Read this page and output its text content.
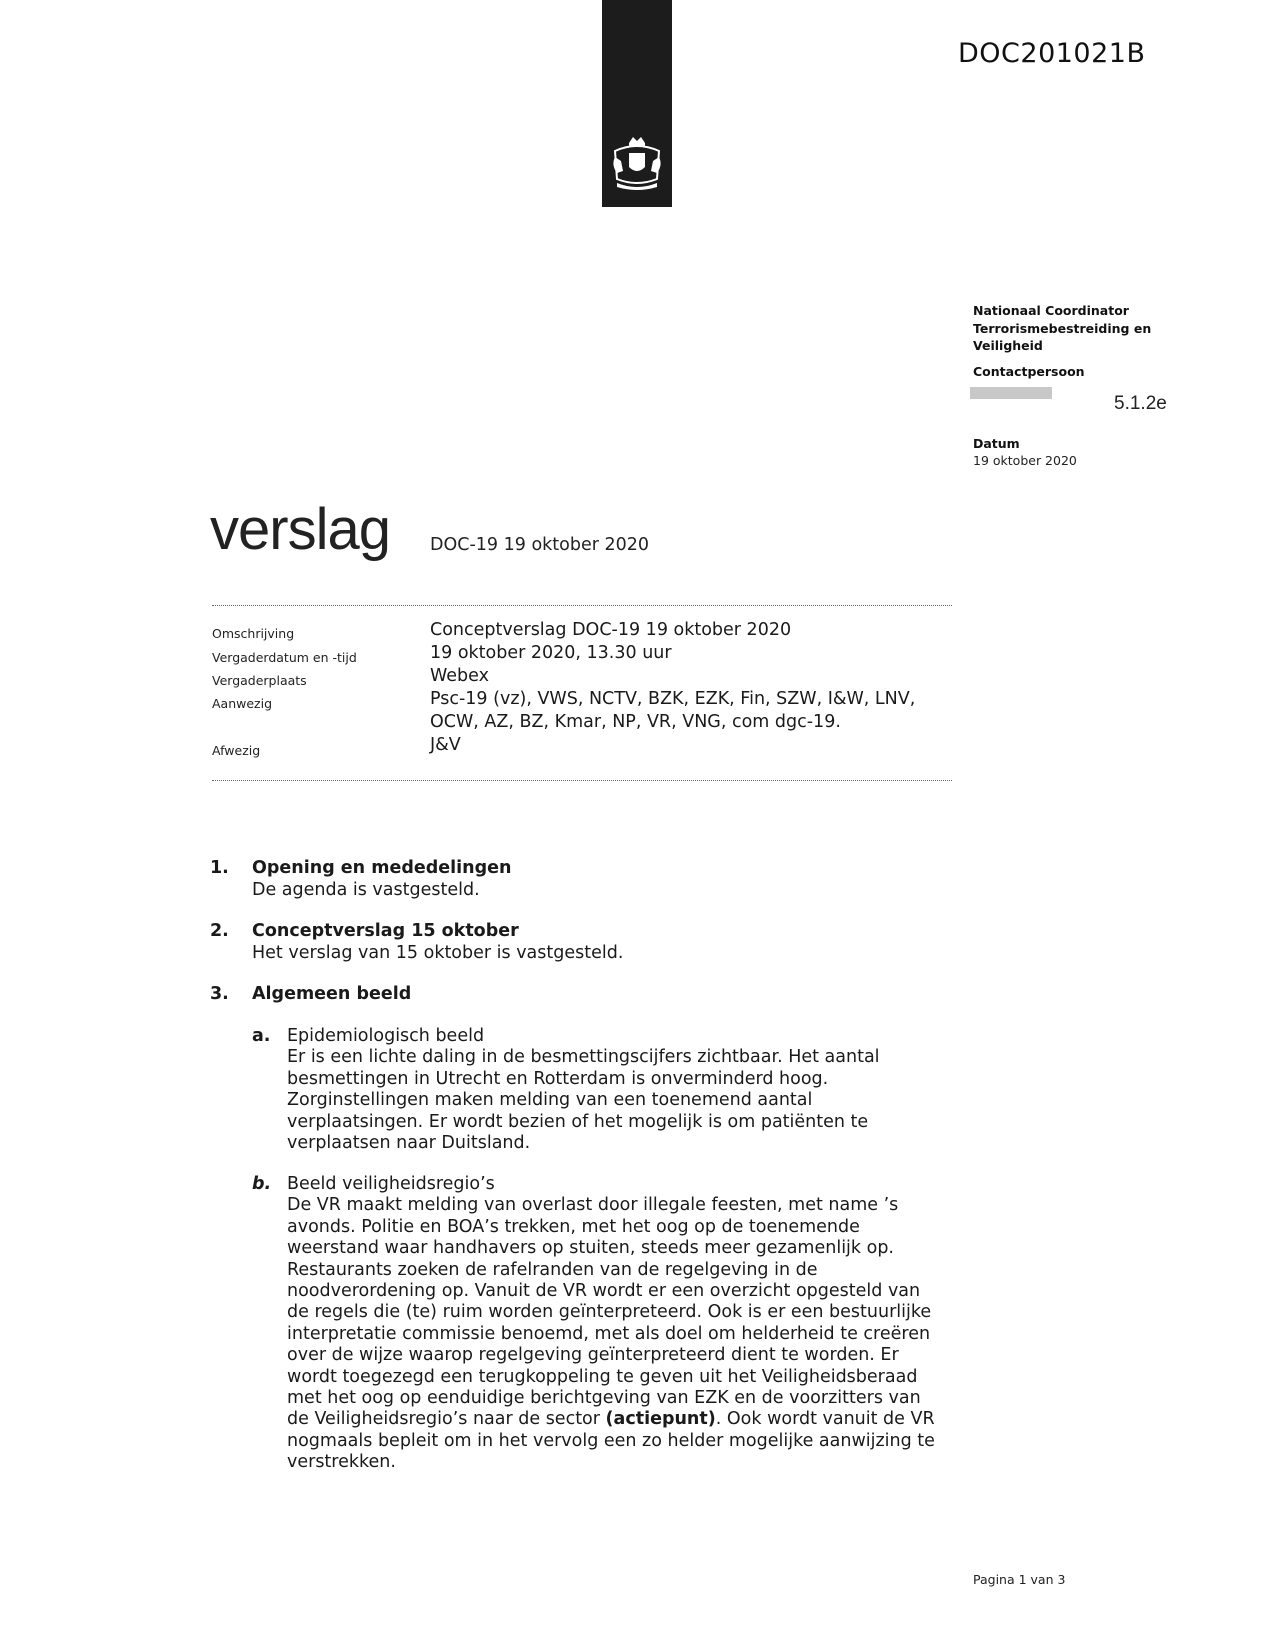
DOC201021B
Nationaal Coordinator Terrorismebestreiding en Veiligheid
Contactpersoon
5.1.2e
Datum
19 oktober 2020
verslag DOC-19 19 oktober 2020
Omschrijving	Conceptverslag DOC-19 19 oktober 2020
Vergaderdatum en -tijd	19 oktober 2020, 13.30 uur
Vergaderplaats	Webex
Aanwezig	Psc-19 (vz), VWS, NCTV, BZK, EZK, Fin, SZW, I&W, LNV, OCW, AZ, BZ, Kmar, NP, VR, VNG, com dgc-19.
Afwezig	J&V
1. Opening en mededelingen
De agenda is vastgesteld.
2. Conceptverslag 15 oktober
Het verslag van 15 oktober is vastgesteld.
3. Algemeen beeld
a. Epidemiologisch beeld

Er is een lichte daling in de besmettingscijfers zichtbaar. Het aantal

besmettingen in Utrecht en Rotterdam is onverminderd hoog.

Zorginstellingen maken melding van een toenemend aantal

verplaatsingen. Er wordt bezien of het mogelijk is om patiënten te

verplaatsen naar Duitsland.

b. Beeld veiligheidsregio’s

De VR maakt melding van overlast door illegale feesten, met name ’s

avonds. Politie en BOA’s trekken, met het oog op de toenemende

weerstand waar handhavers op stuiten, steeds meer gezamenlijk op.

Restaurants zoeken de rafelranden van de regelgeving in de

noodverordening op. Vanuit de VR wordt er een overzicht opgesteld van

de regels die (te) ruim worden geïnterpreteerd. Ook is er een bestuurlijke

interpretatie commissie benoemd, met als doel om helderheid te creëren

over de wijze waarop regelgeving geïnterpreteerd dient te worden. Er

wordt toegezegd een terugkoppeling te geven uit het Veiligheidsberaad

met het oog op eenduidige berichtgeving van EZK en de voorzitters van

de Veiligheidsregio’s naar de sector (actiepunt). Ook wordt vanuit de VR

nogmaals bepleit om in het vervolg een zo helder mogelijke aanwijzing te

verstrekken.

Pagina 1 van 3
